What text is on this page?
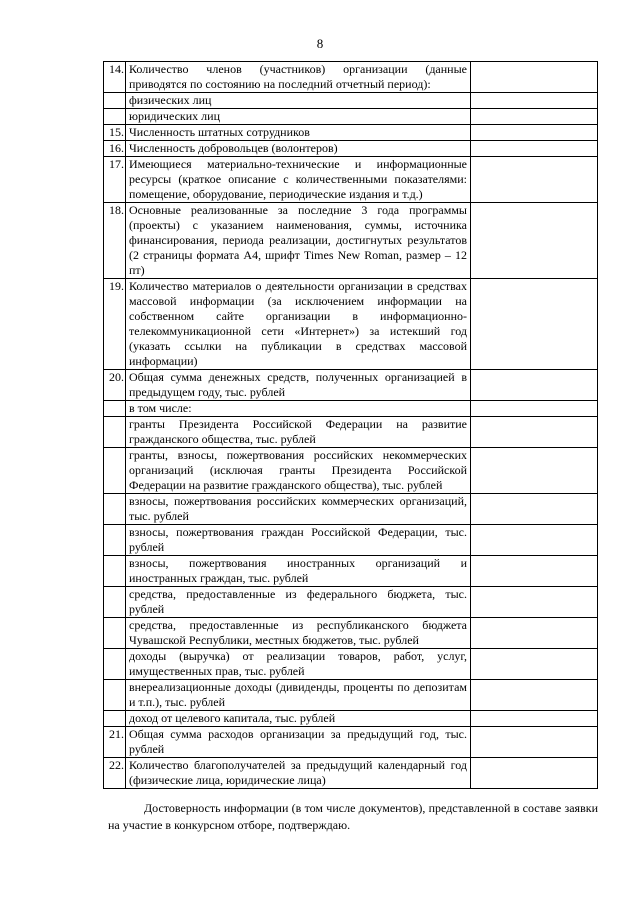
8
14.	Количество членов (участников) организации (данные приводятся по состоянию на последний отчетный период):	
	физических лиц	
	юридических лиц	
15.	Численность штатных сотрудников	
16.	Численность добровольцев (волонтеров)	
17.	Имеющиеся материально-технические и информационные ресурсы (краткое описание с количественными показателями: помещение, оборудование, периодические издания и т.д.)	
18.	Основные реализованные за последние 3 года программы (проекты) с указанием наименования, суммы, источника финансирования, периода реализации, достигнутых результатов (2 страницы формата А4, шрифт Times New Roman, размер – 12 пт)	
19.	Количество материалов о деятельности организации в средствах массовой информации (за исключением информации на собственном сайте организации в информационно-телекоммуникационной сети «Интернет») за истекший год (указать ссылки на публикации в средствах массовой информации)	
20.	Общая сумма денежных средств, полученных организацией в предыдущем году, тыс. рублей	
	в том числе:	
	гранты Президента Российской Федерации на развитие гражданского общества, тыс. рублей	
	гранты, взносы, пожертвования российских некоммерческих организаций (исключая гранты Президента Российской Федерации на развитие гражданского общества), тыс. рублей	
	взносы, пожертвования российских коммерческих организаций, тыс. рублей	
	взносы, пожертвования граждан Российской Федерации, тыс. рублей	
	взносы, пожертвования иностранных организаций и иностранных граждан, тыс. рублей	
	средства, предоставленные из федерального бюджета, тыс. рублей	
	средства, предоставленные из республиканского бюджета Чувашской Республики, местных бюджетов, тыс. рублей	
	доходы (выручка) от реализации товаров, работ, услуг, имущественных прав, тыс. рублей	
	внереализационные доходы (дивиденды, проценты по депозитам и т.п.), тыс. рублей	
	доход от целевого капитала, тыс. рублей	
21.	Общая сумма расходов организации за предыдущий год, тыс. рублей	
22.	Количество благополучателей за предыдущий календарный год (физические лица, юридические лица)	
Достоверность информации (в том числе документов), представленной в составе заявки на участие в конкурсном отборе, подтверждаю.
